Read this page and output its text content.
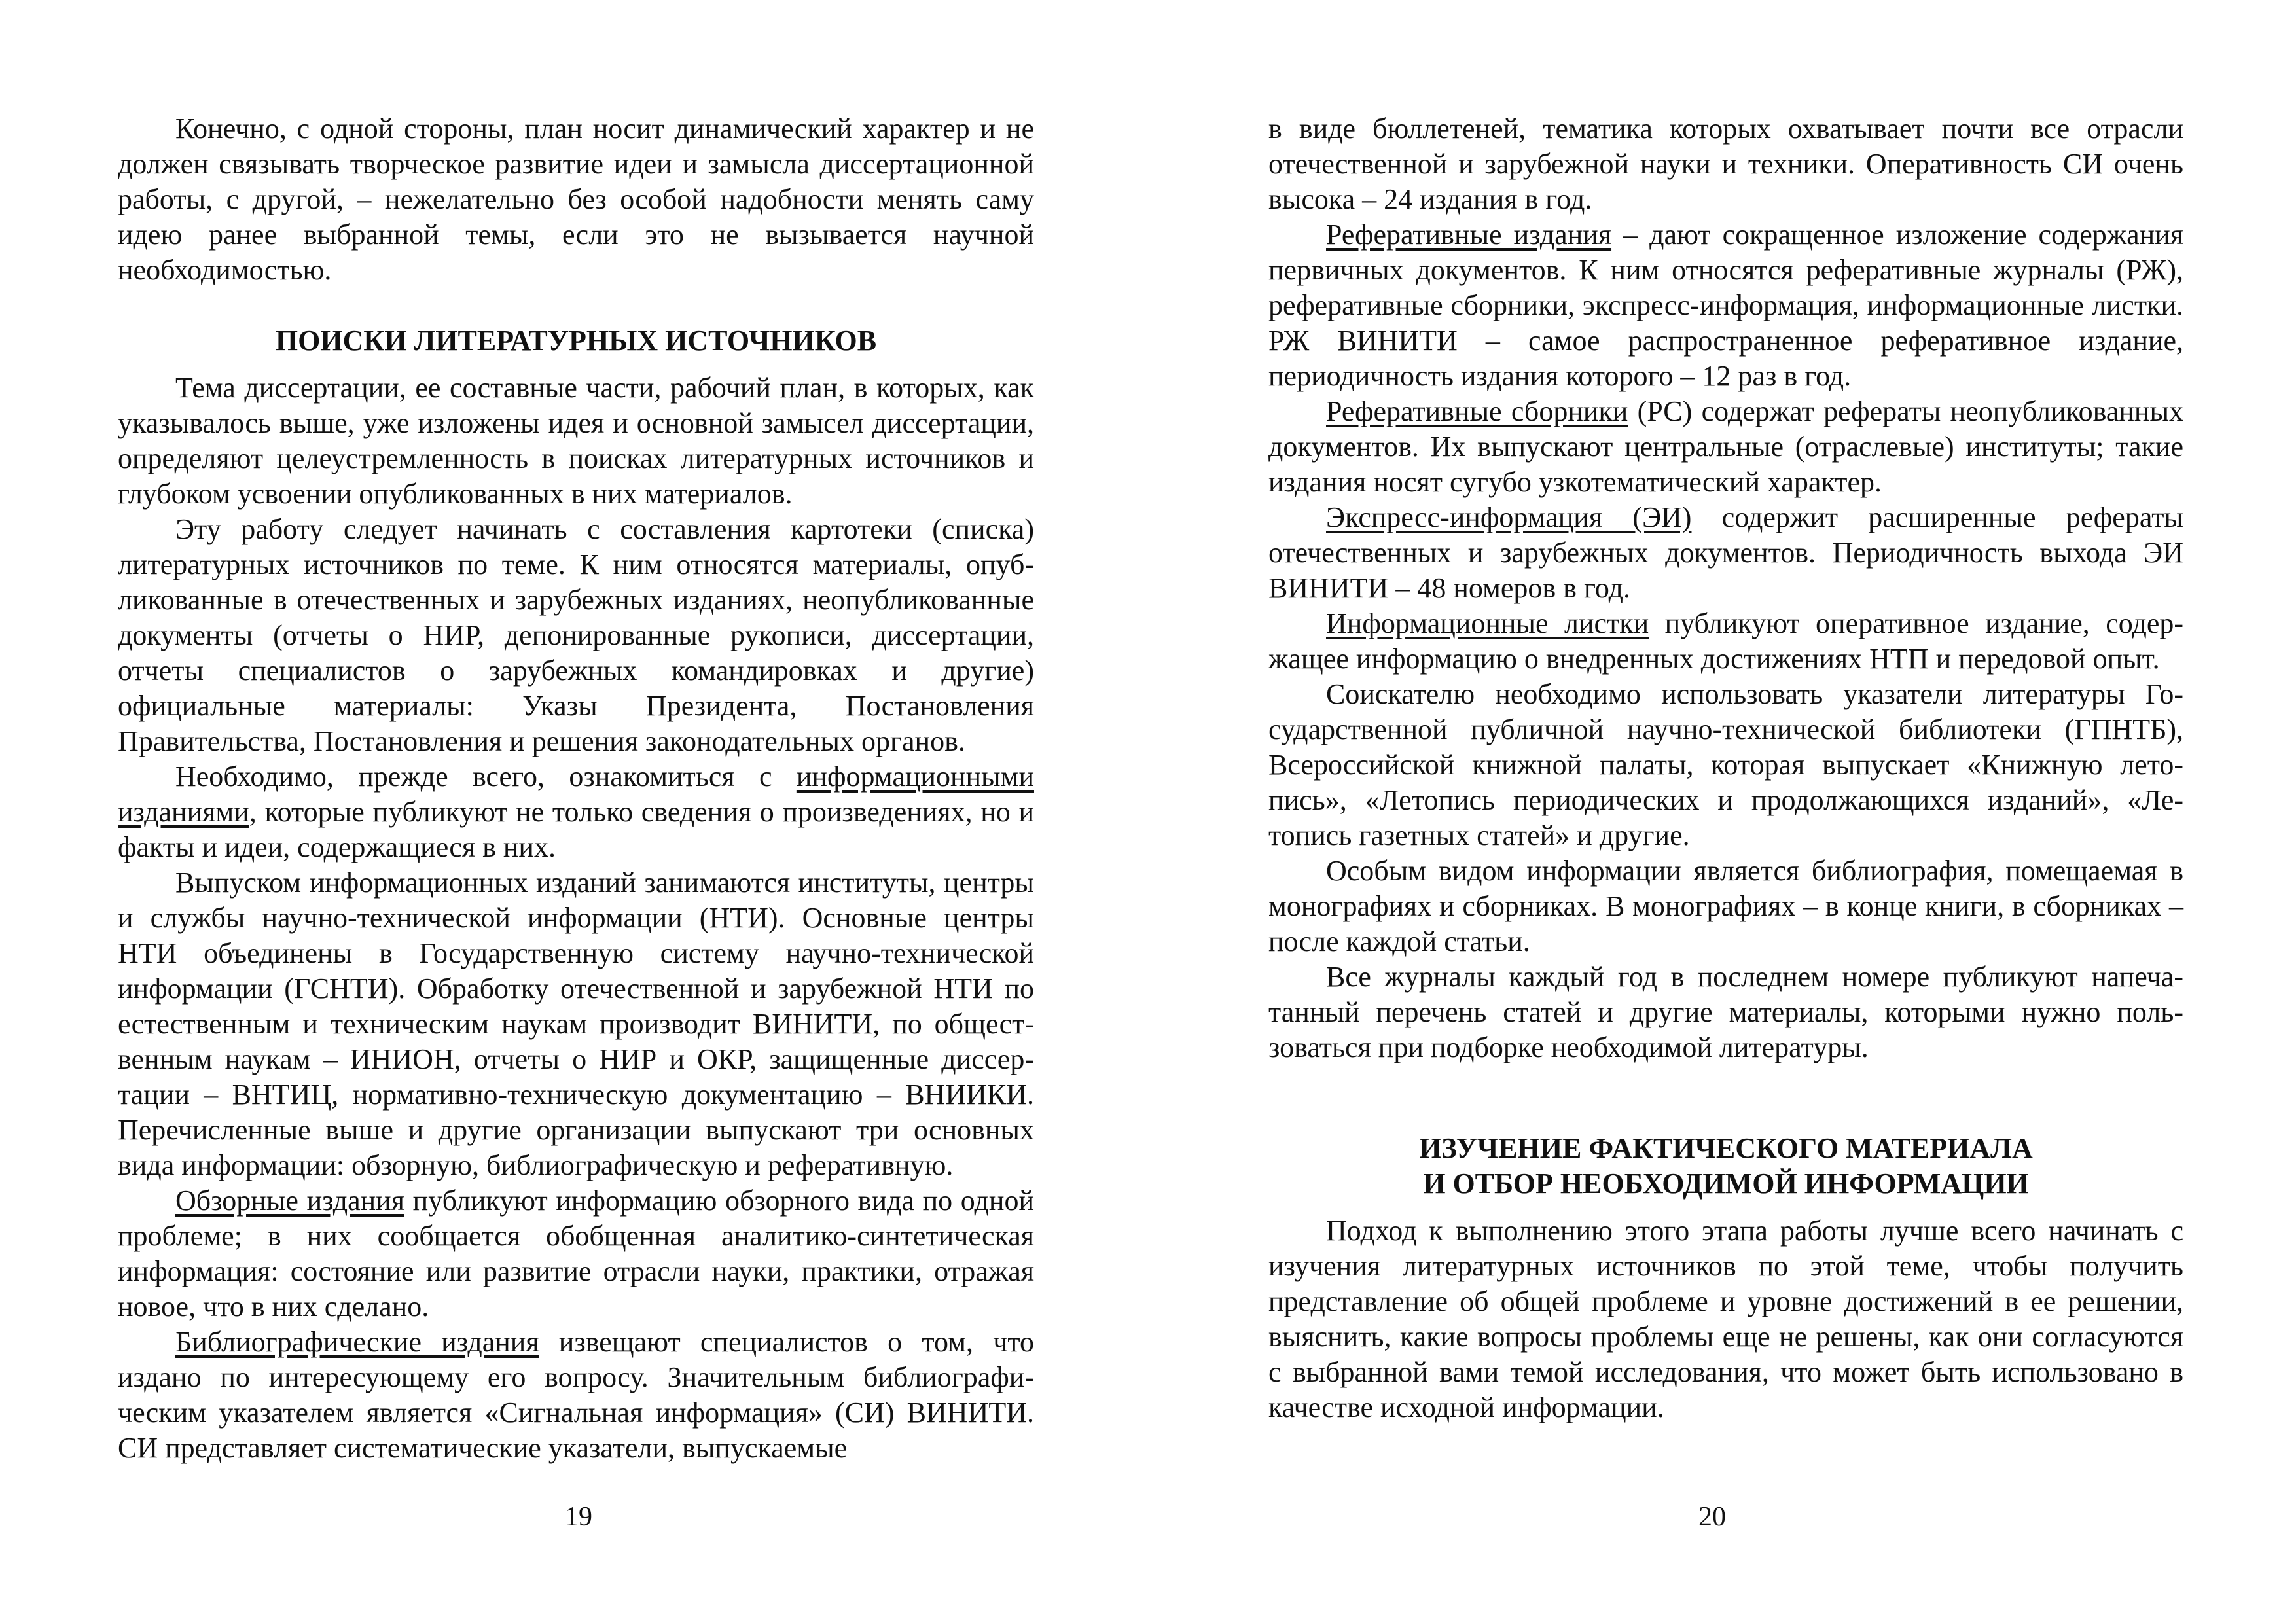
Конечно, с одной стороны, план носит динамический характер и не должен связывать творческое развитие идеи и замысла диссертационной работы, с другой, – нежелательно без особой надобности менять саму идею ранее выбранной темы, если это не вызывается научной необходимостью.

ПОИСКИ ЛИТЕРАТУРНЫХ ИСТОЧНИКОВ

Тема диссертации, ее составные части, рабочий план, в которых, как указывалось выше, уже изложены идея и основной замысел диссертации, определяют целеустремленность в поисках литературных источников и глубоком усвоении опубликованных в них материалов.

Эту работу следует начинать с составления картотеки (списка) литературных источников по теме. К ним относятся материалы, опубликованные в отечественных и зарубежных изданиях, неопубликованные документы (отчеты о НИР, депонированные рукописи, диссертации, отчеты специалистов о зарубежных командировках и другие) официальные материалы: Указы Президента, Постановления Правительства, Постановления и решения законодательных органов.

Необходимо, прежде всего, ознакомиться с информационными изданиями, которые публикуют не только сведения о произведениях, но и факты и идеи, содержащиеся в них.

Выпуском информационных изданий занимаются институты, центры и службы научно-технической информации (НТИ). Основные центры НТИ объединены в Государственную систему научно-технической информации (ГСНТИ). Обработку отечественной и зарубежной НТИ по естественным и техническим наукам производит ВИНИТИ, по общественным наукам – ИНИОН, отчеты о НИР и ОКР, защищенные диссертации – ВНТИЦ, нормативно-техническую документацию – ВНИИКИ. Перечисленные выше и другие организации выпускают три основных вида информации: обзорную, библиографическую и реферативную.

Обзорные издания публикуют информацию обзорного вида по одной проблеме; в них сообщается обобщенная аналитико-синтетическая информация: состояние или развитие отрасли науки, практики, отражая новое, что в них сделано.

Библиографические издания извещают специалистов о том, что издано по интересующему его вопросу. Значительным библиографическим указателем является «Сигнальная информация» (СИ) ВИНИТИ. СИ представляет систематические указатели, выпускаемые

19

в виде бюллетеней, тематика которых охватывает почти все отрасли отечественной и зарубежной науки и техники. Оперативность СИ очень высока – 24 издания в год.

Реферативные издания – дают сокращенное изложение содержания первичных документов. К ним относятся реферативные журналы (РЖ), реферативные сборники, экспресс-информация, информационные листки. РЖ ВИНИТИ – самое распространенное реферативное издание, периодичность издания которого – 12 раз в год.

Реферативные сборники (РС) содержат рефераты неопубликованных документов. Их выпускают центральные (отраслевые) институты; такие издания носят сугубо узкотематический характер.

Экспресс-информация (ЭИ) содержит расширенные рефераты отечественных и зарубежных документов. Периодичность выхода ЭИ ВИНИТИ – 48 номеров в год.

Информационные листки публикуют оперативное издание, содержащее информацию о внедренных достижениях НТП и передовой опыт.

Соискателю необходимо использовать указатели литературы Государственной публичной научно-технической библиотеки (ГПНТБ), Всероссийской книжной палаты, которая выпускает «Книжную летопись», «Летопись периодических и продолжающихся изданий», «Летопись газетных статей» и другие.

Особым видом информации является библиография, помещаемая в монографиях и сборниках. В монографиях – в конце книги, в сборниках – после каждой статьи.

Все журналы каждый год в последнем номере публикуют напечатанный перечень статей и другие материалы, которыми нужно пользоваться при подборке необходимой литературы.

ИЗУЧЕНИЕ ФАКТИЧЕСКОГО МАТЕРИАЛА
И ОТБОР НЕОБХОДИМОЙ ИНФОРМАЦИИ

Подход к выполнению этого этапа работы лучше всего начинать с изучения литературных источников по этой теме, чтобы получить представление об общей проблеме и уровне достижений в ее решении, выяснить, какие вопросы проблемы еще не решены, как они согласуются с выбранной вами темой исследования, что может быть использовано в качестве исходной информации.

20
